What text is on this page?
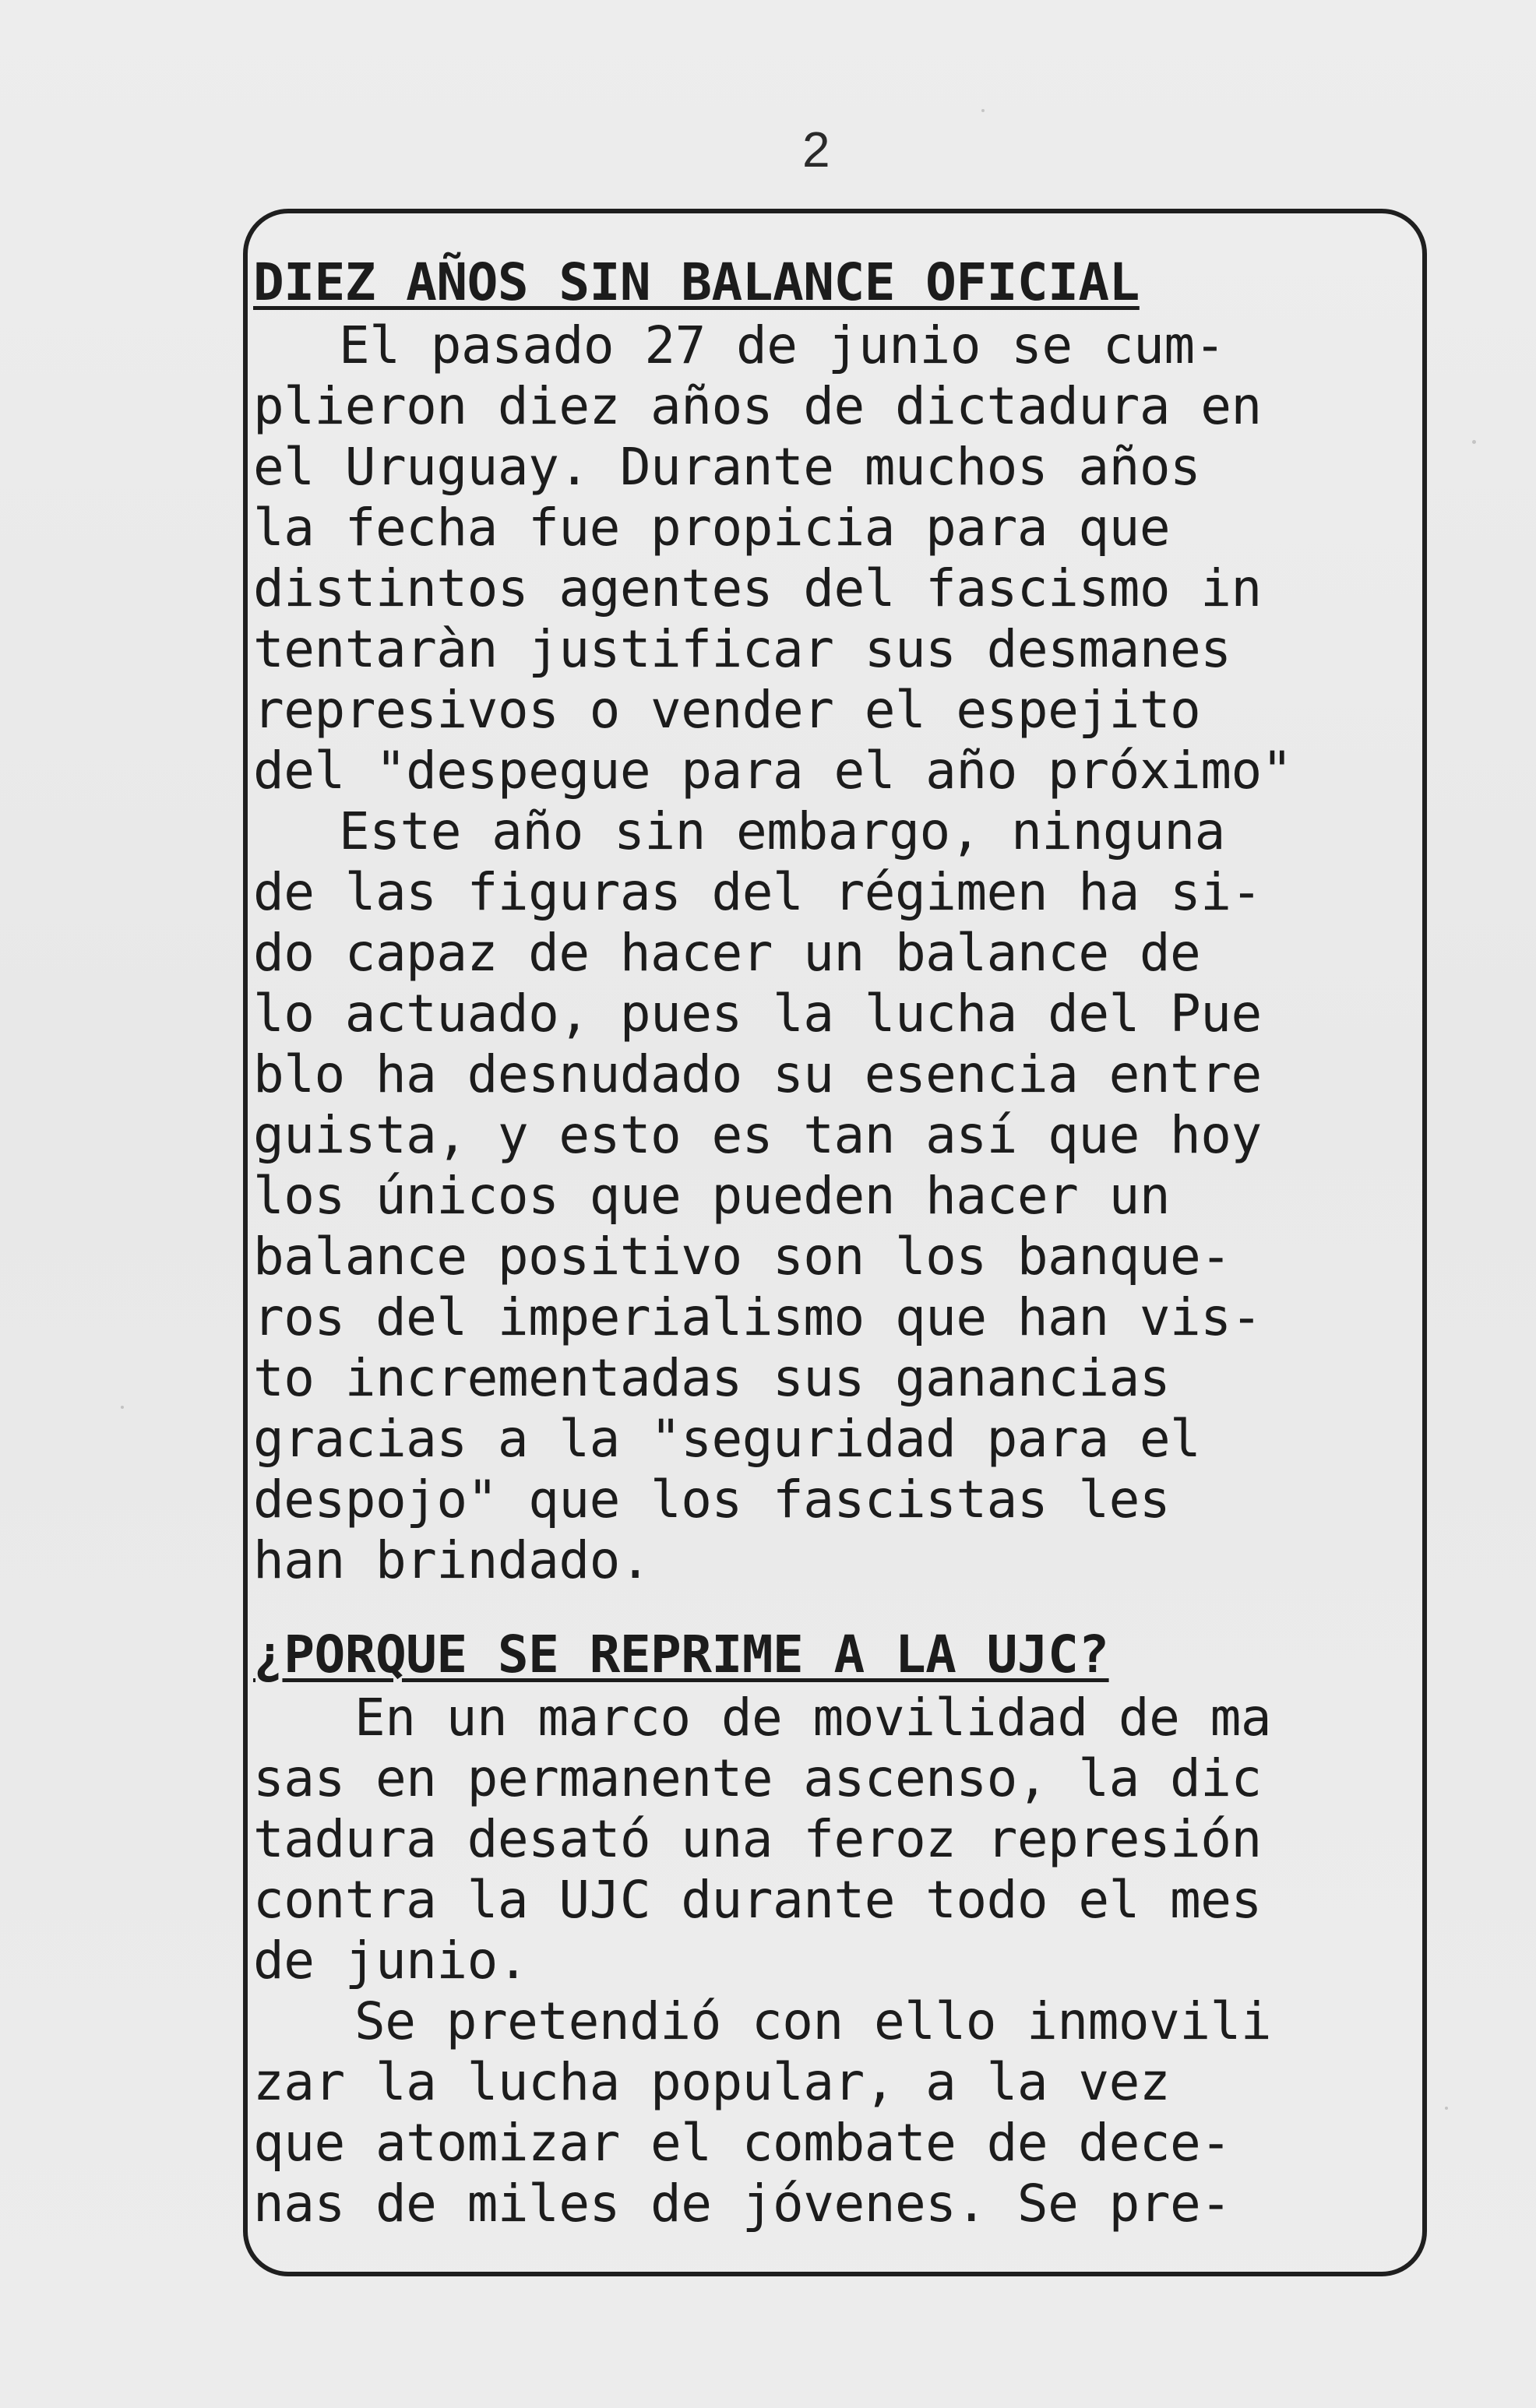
2
DIEZ AÑOS SIN BALANCE OFICIAL
El pasado 27 de junio se cum-
plieron diez años de dictadura en
el Uruguay. Durante muchos años
la fecha fue propicia para que
distintos agentes del fascismo in
tentaràn justificar sus desmanes
represivos o vender el espejito
del "despegue para el año próximo"
Este año sin embargo, ninguna
de las figuras del régimen ha si-
do capaz de hacer un balance de
lo actuado, pues la lucha del Pue
blo ha desnudado su esencia entre
guista, y esto es tan así que hoy
los únicos que pueden hacer un
balance positivo son los banque-
ros del imperialismo que han vis-
to incrementadas sus ganancias
gracias a la "seguridad para el
despojo" que los fascistas les
han brindado.
¿PORQUE SE REPRIME A LA UJC?
En un marco de movilidad de ma
sas en permanente ascenso, la dic
tadura desató una feroz represión
contra la UJC durante todo el mes
de junio.
Se pretendió con ello inmovili
zar la lucha popular, a la vez
que atomizar el combate de dece-
nas de miles de jóvenes. Se pre-
